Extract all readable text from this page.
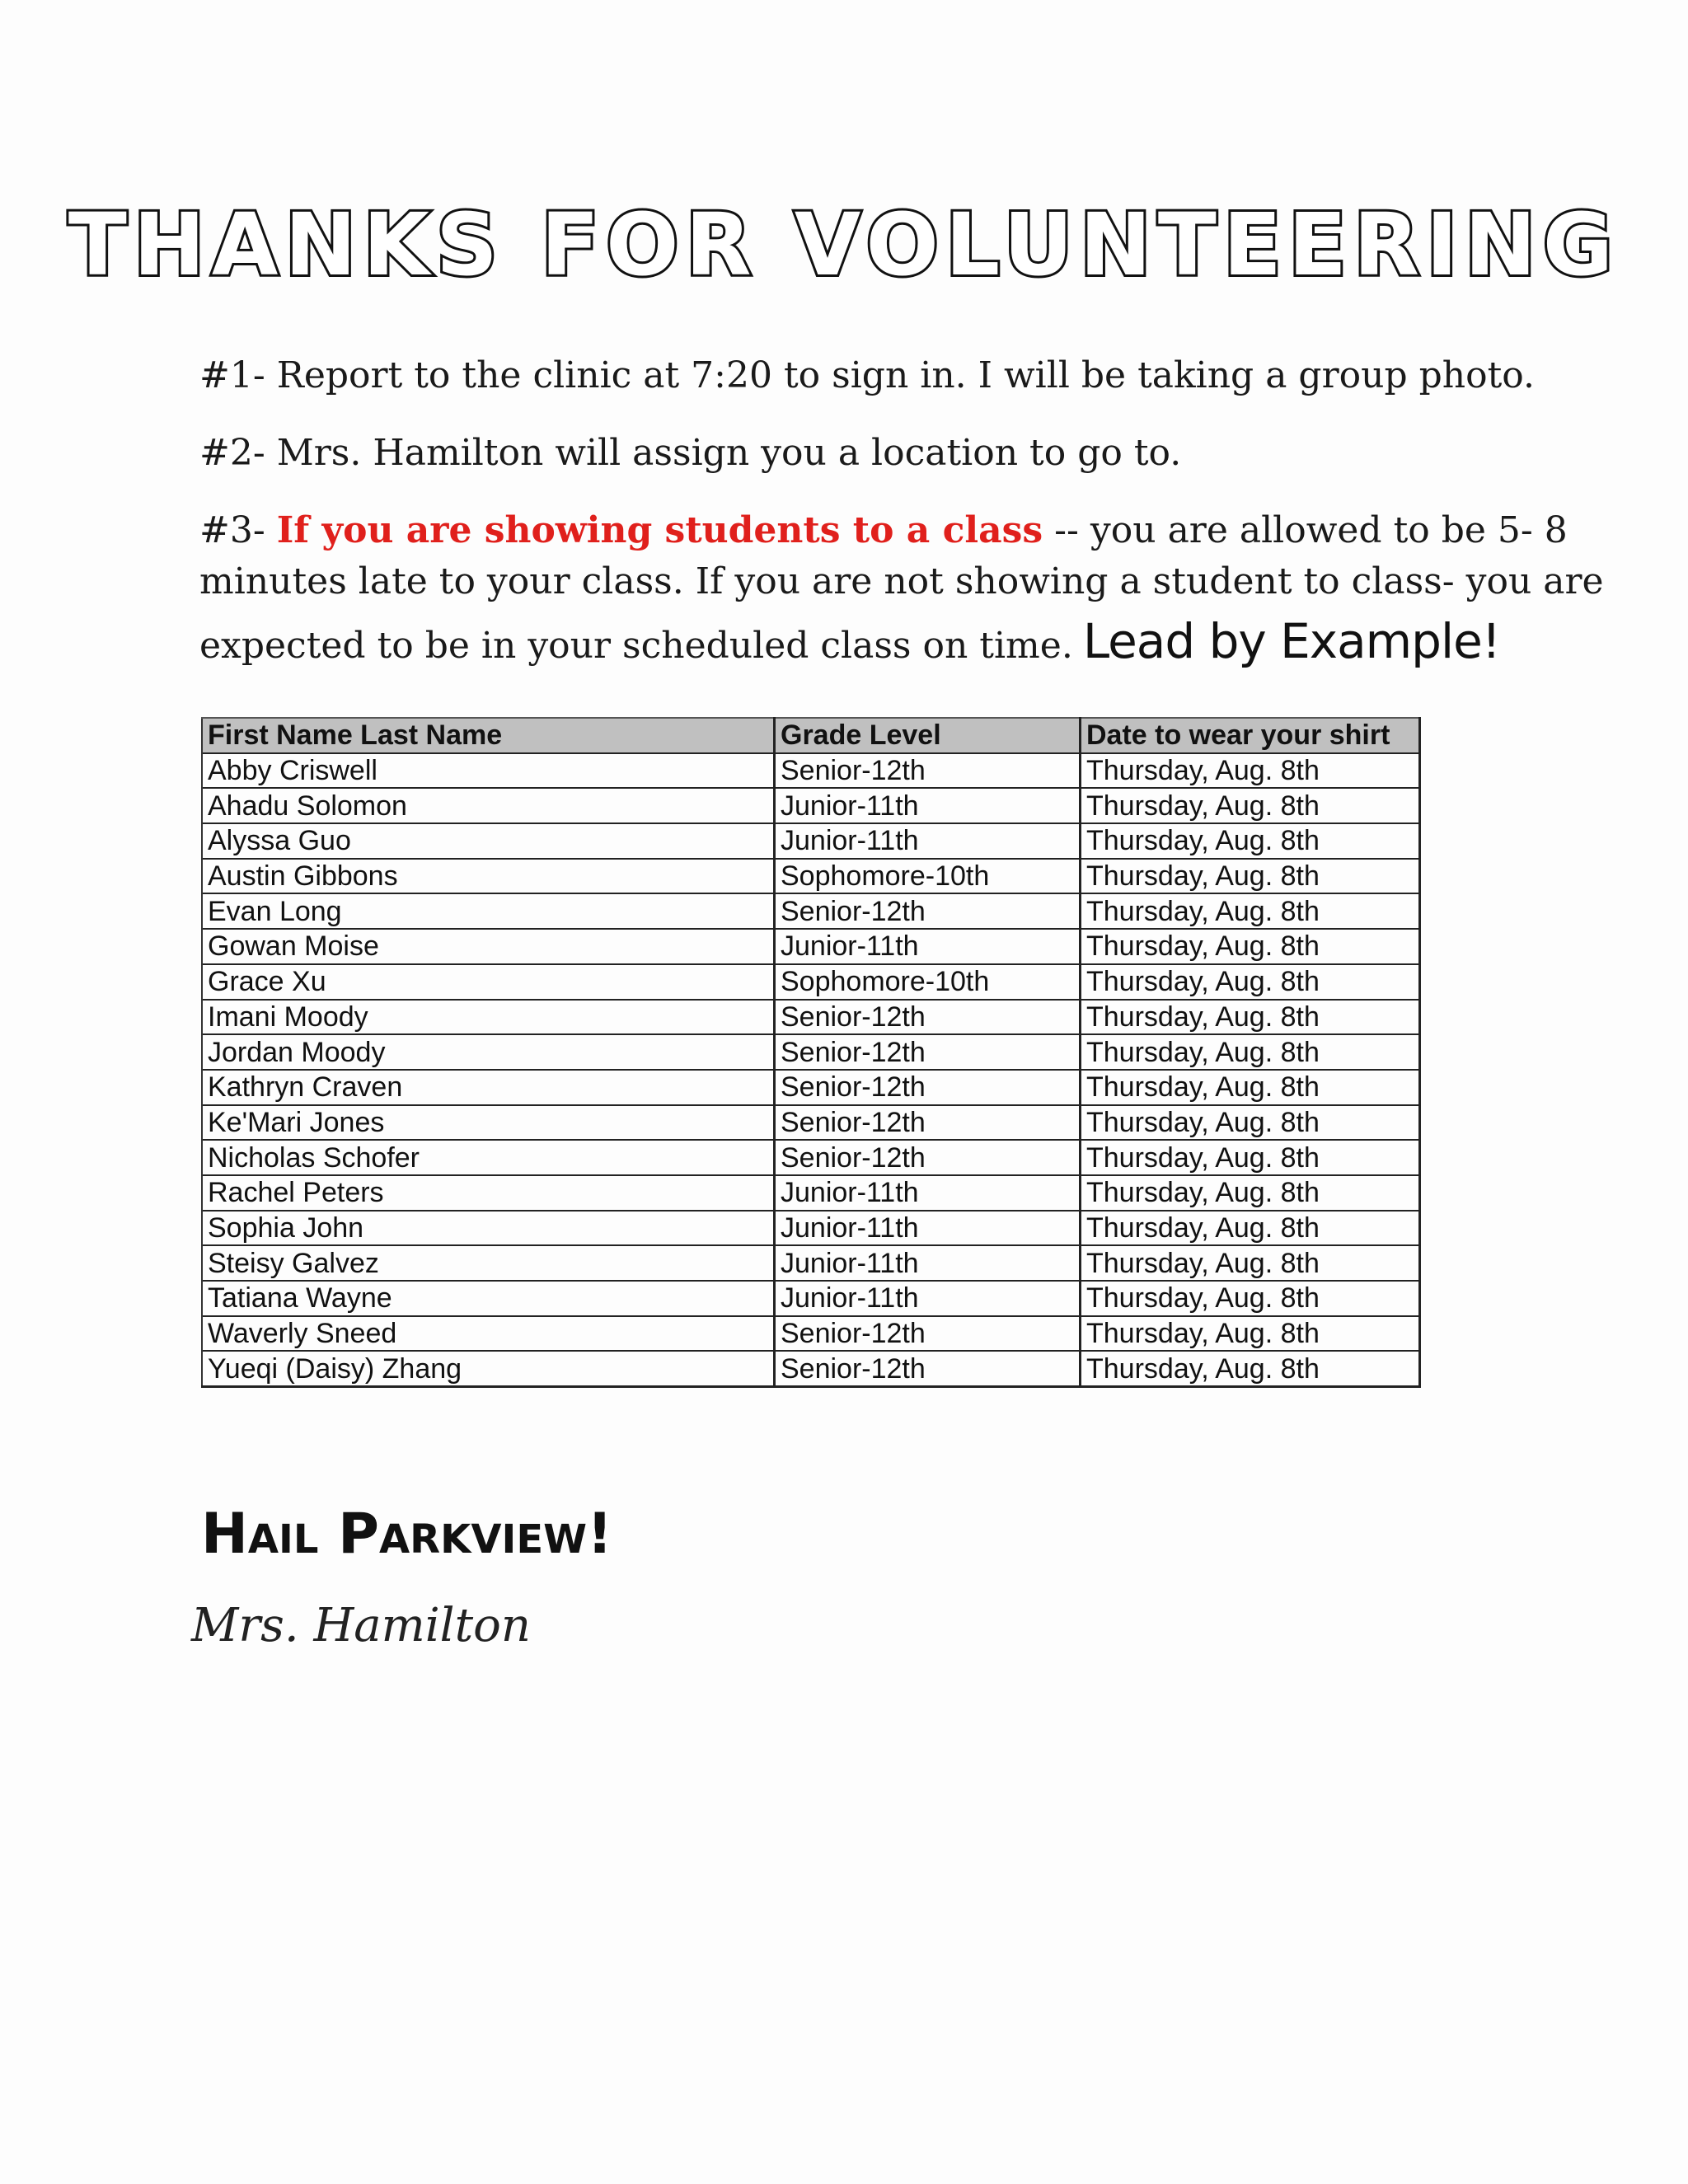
THANKS FOR VOLUNTEERING

#1- Report to the clinic at 7:20 to sign in. I will be taking a group photo.

#2- Mrs. Hamilton will assign you a location to go to.

#3- If you are showing students to a class -- you are allowed to be 5- 8

minutes late to your class. If you are not showing a student to class- you are

expected to be in your scheduled class on time. Lead by Example!

First Name Last Name	Grade Level	Date to wear your shirt
Abby Criswell	Senior-12th	Thursday, Aug. 8th
Ahadu Solomon	Junior-11th	Thursday, Aug. 8th
Alyssa Guo	Junior-11th	Thursday, Aug. 8th
Austin Gibbons	Sophomore-10th	Thursday, Aug. 8th
Evan Long	Senior-12th	Thursday, Aug. 8th
Gowan Moise	Junior-11th	Thursday, Aug. 8th
Grace Xu	Sophomore-10th	Thursday, Aug. 8th
Imani Moody	Senior-12th	Thursday, Aug. 8th
Jordan Moody	Senior-12th	Thursday, Aug. 8th
Kathryn Craven	Senior-12th	Thursday, Aug. 8th
Ke'Mari Jones	Senior-12th	Thursday, Aug. 8th
Nicholas Schofer	Senior-12th	Thursday, Aug. 8th
Rachel Peters	Junior-11th	Thursday, Aug. 8th
Sophia John	Junior-11th	Thursday, Aug. 8th
Steisy Galvez	Junior-11th	Thursday, Aug. 8th
Tatiana Wayne	Junior-11th	Thursday, Aug. 8th
Waverly Sneed	Senior-12th	Thursday, Aug. 8th
Yueqi (Daisy) Zhang	Senior-12th	Thursday, Aug. 8th
Hail Parkview!
Mrs. Hamilton
